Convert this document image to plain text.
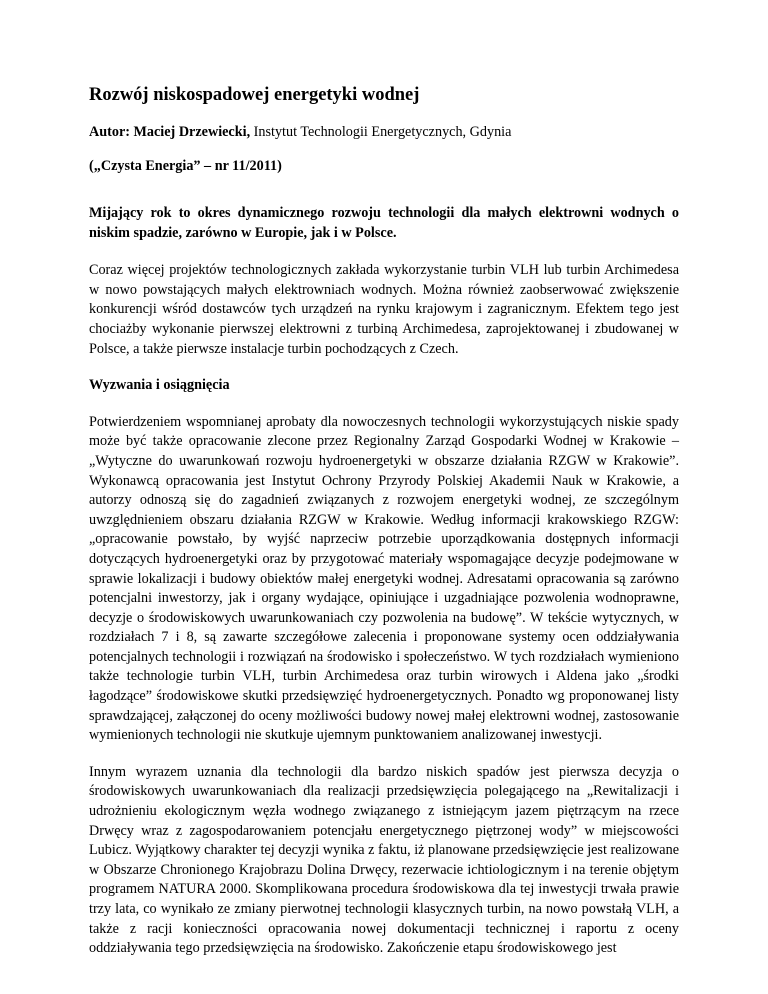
Rozwój niskospadowej energetyki wodnej

Autor: Maciej Drzewiecki, Instytut Technologii Energetycznych, Gdynia

(„Czysta Energia” – nr 11/2011)

Mijający rok to okres dynamicznego rozwoju technologii dla małych elektrowni wodnych o niskim spadzie, zarówno w Europie, jak i w Polsce.

Coraz więcej projektów technologicznych zakłada wykorzystanie turbin VLH lub turbin Archimedesa w nowo powstających małych elektrowniach wodnych. Można również zaobserwować zwiększenie konkurencji wśród dostawców tych urządzeń na rynku krajowym i zagranicznym. Efektem tego jest chociażby wykonanie pierwszej elektrowni z turbiną Archimedesa, zaprojektowanej i zbudowanej w Polsce, a także pierwsze instalacje turbin pochodzących z Czech.

Wyzwania i osiągnięcia

Potwierdzeniem wspomnianej aprobaty dla nowoczesnych technologii wykorzystujących niskie spady może być także opracowanie zlecone przez Regionalny Zarząd Gospodarki Wodnej w Krakowie – „Wytyczne do uwarunkowań rozwoju hydroenergetyki w obszarze działania RZGW w Krakowie”. Wykonawcą opracowania jest Instytut Ochrony Przyrody Polskiej Akademii Nauk w Krakowie, a autorzy odnoszą się do zagadnień związanych z rozwojem energetyki wodnej, ze szczególnym uwzględnieniem obszaru działania RZGW w Krakowie. Według informacji krakowskiego RZGW: „opracowanie powstało, by wyjść naprzeciw potrzebie uporządkowania dostępnych informacji dotyczących hydroenergetyki oraz by przygotować materiały wspomagające decyzje podejmowane w sprawie lokalizacji i budowy obiektów małej energetyki wodnej. Adresatami opracowania są zarówno potencjalni inwestorzy, jak i organy wydające, opiniujące i uzgadniające pozwolenia wodnoprawne, decyzje o środowiskowych uwarunkowaniach czy pozwolenia na budowę”. W tekście wytycznych, w rozdziałach 7 i 8, są zawarte szczegółowe zalecenia i proponowane systemy ocen oddziaływania potencjalnych technologii i rozwiązań na środowisko i społeczeństwo. W tych rozdziałach wymieniono także technologie turbin VLH, turbin Archimedesa oraz turbin wirowych i Aldena jako „środki łagodzące” środowiskowe skutki przedsięwzięć hydroenergetycznych. Ponadto wg proponowanej listy sprawdzającej, załączonej do oceny możliwości budowy nowej małej elektrowni wodnej, zastosowanie wymienionych technologii nie skutkuje ujemnym punktowaniem analizowanej inwestycji.

Innym wyrazem uznania dla technologii dla bardzo niskich spadów jest pierwsza decyzja o środowiskowych uwarunkowaniach dla realizacji przedsięwzięcia polegającego na „Rewitalizacji i udrożnieniu ekologicznym węzła wodnego związanego z istniejącym jazem piętrzącym na rzece Drwęcy wraz z zagospodarowaniem potencjału energetycznego piętrzonej wody” w miejscowości Lubicz. Wyjątkowy charakter tej decyzji wynika z faktu, iż planowane przedsięwzięcie jest realizowane w Obszarze Chronionego Krajobrazu Dolina Drwęcy, rezerwacie ichtiologicznym i na terenie objętym programem NATURA 2000. Skomplikowana procedura środowiskowa dla tej inwestycji trwała prawie trzy lata, co wynikało ze zmiany pierwotnej technologii klasycznych turbin, na nowo powstałą VLH, a także z racji konieczności opracowania nowej dokumentacji technicznej i raportu z oceny oddziaływania tego przedsięwzięcia na środowisko. Zakończenie etapu środowiskowego jest
